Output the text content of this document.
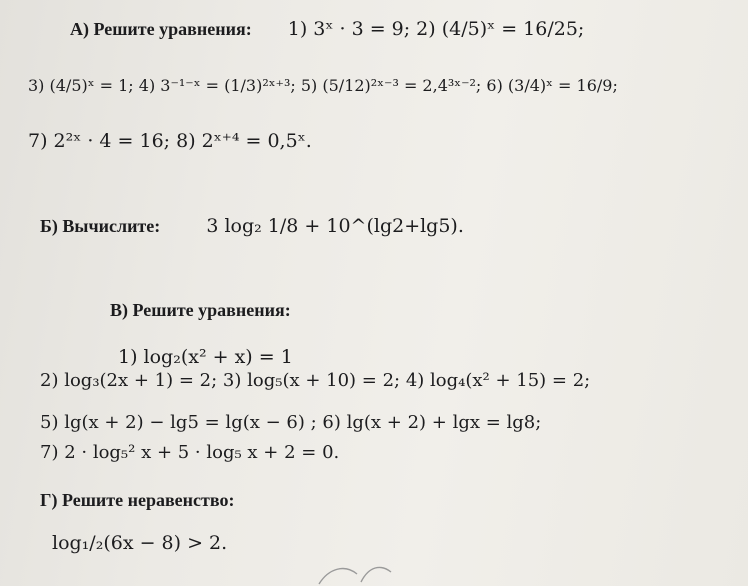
А) Решите уравнения: 1) 3ˣ · 3 = 9; 2) (4/5)ˣ = 16/25;
3) (4/5)ˣ = 1; 4) 3⁻¹⁻ˣ = (1/3)²ˣ⁺³; 5) (5/12)²ˣ⁻³ = 2,4³ˣ⁻²; 6) (3/4)ˣ = 16/9;
7) 2²ˣ · 4 = 16; 8) 2ˣ⁺⁴ = 0,5ˣ.
Б) Вычислите: 3 log₂ 1/8 + 10^(lg2+lg5).
В) Решите уравнения:
1) log₂(x² + x) = 1
2) log₃(2x + 1) = 2; 3) log₅(x + 10) = 2; 4) log₄(x² + 15) = 2;
5) lg(x + 2) − lg5 = lg(x − 6) ; 6) lg(x + 2) + lgx = lg8;
7) 2 · log₅² x + 5 · log₅ x + 2 = 0.
Г) Решите неравенство:
log₁/₂(6x − 8) > 2.
